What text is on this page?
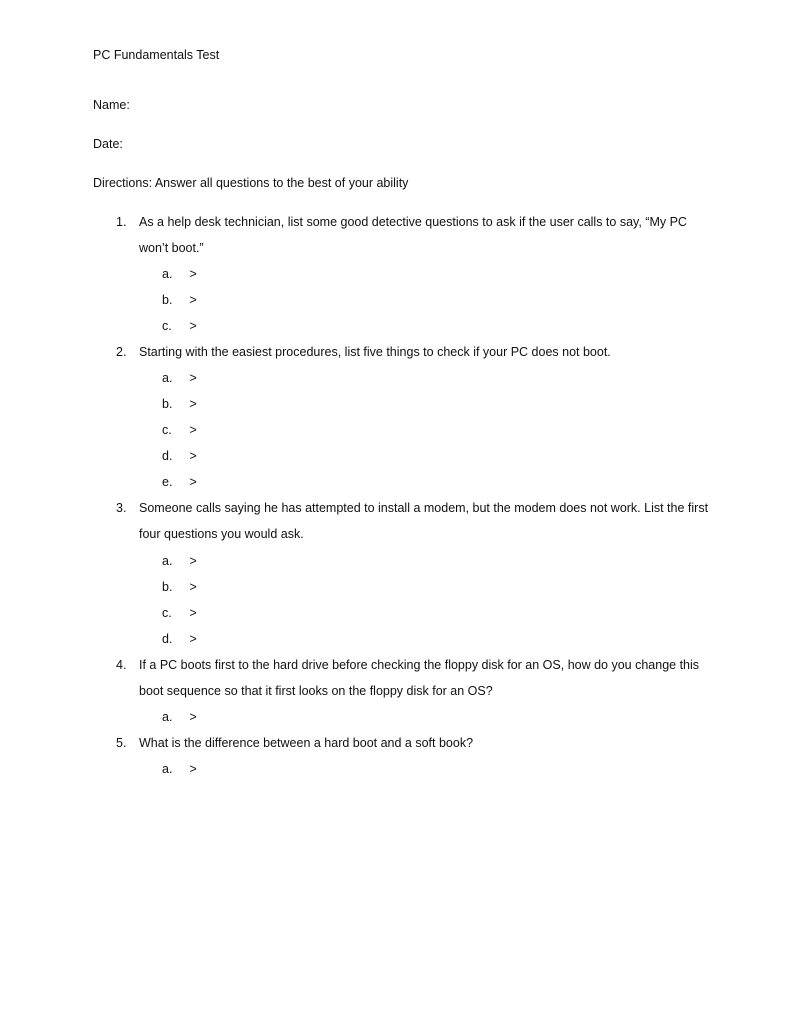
PC Fundamentals Test
Name:
Date:
Directions: Answer all questions to the best of your ability
1.	As a help desk technician, list some good detective questions to ask if the user calls to say, “My PC won’t boot.”
a. >
b. >
c. >
2.	Starting with the easiest procedures, list five things to check if your PC does not boot.
a. >
b. >
c. >
d. >
e. >
3.	Someone calls saying he has attempted to install a modem, but the modem does not work. List the first four questions you would ask.
a. >
b. >
c. >
d. >
4.	If a PC boots first to the hard drive before checking the floppy disk for an OS, how do you change this boot sequence so that it first looks on the floppy disk for an OS?
a. >
5.	What is the difference between a hard boot and a soft book?
a. >
